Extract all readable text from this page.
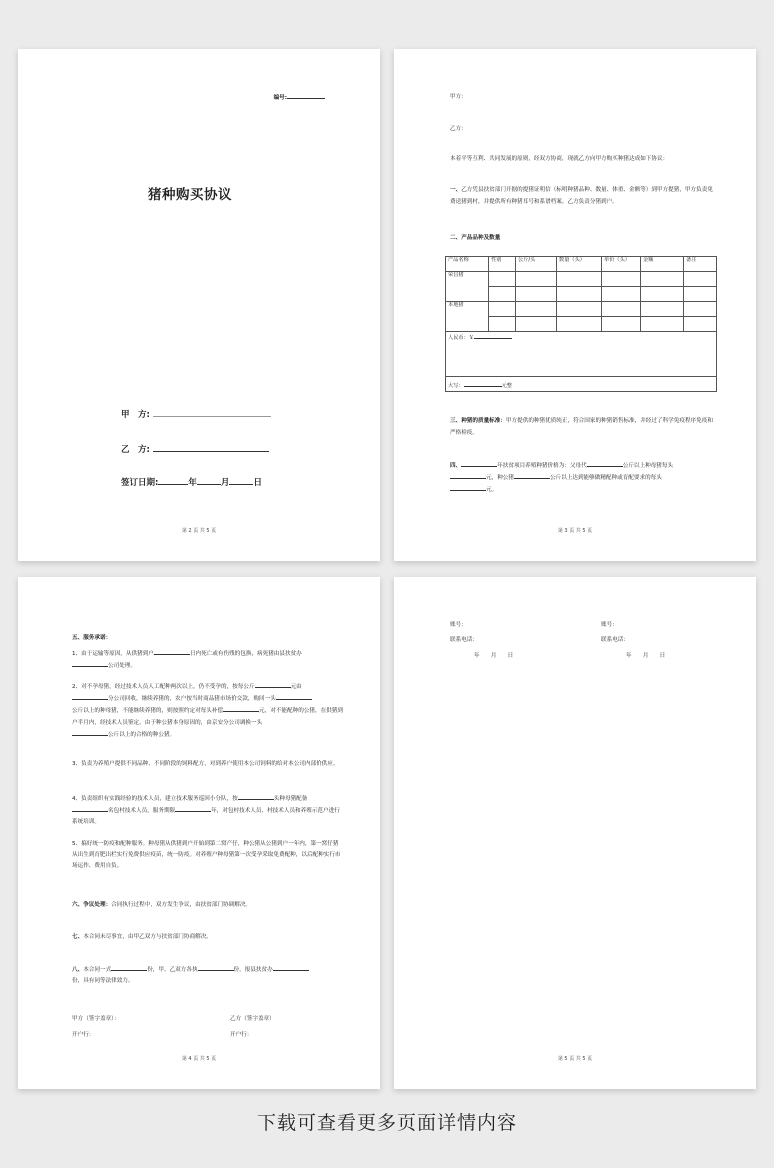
编号:
猪种购买协议
甲　方:
乙　方:
签订日期:	年	月	日
第 2 页 共 5 页
甲方:
乙方:
本着平等互利、共同发展的原则，经双方协商，现就乙方向甲方购买种猪达成如下协议：
一、乙方凭县扶贫部门开据的提猪证明信（标明种猪品种、数量、体重、金额等）到甲方提猪，甲方负责免费送猪到村，并提供所有种猪耳号和系谱档案。乙方负责分猪到户。
二、产品品种及数量
产品名称	性别	公斤/头	数量（头）	单价（头）	金额	备注
荣昌猪						

本地猪						

人民币：￥						
大写： 元整						
三、种猪的质量标准：甲方提供的种猪优质纯正，符合国家的种猪销售标准，并经过了科学免疫程序免疫和严格检疫。
四、	年扶贫项目养殖种猪价格为：父母代	公斤以上种母猪每头
元，种公猪	公斤以上达到能够做精配种或育配要求的每头
元。
第 3 页 共 5 页
五、服务承诺：
1、由于运输等原因，从供猪到户	日内死亡或有伤残的包换，病死猪由县扶贫办
公司处理。
2、对不孕母猪，经过技术人员人工配种两次以上，仍不受孕的，按每公斤	元由
分公司回收，继续养猪的，农户按当时商品猪市场价交款，购回一头
公斤以上的种母猪，不能继续养猪的，则按照约定对每头补偿	元，对不能配种的公猪，在供猪到户半月内，经技术人员鉴定，由于种公猪本身原因的，由京安分公司调换一头
公斤以上的合格的种公猪。
3、负责为养殖户提供不同品种、不同阶段的饲料配方，对到养户使用本公司饲料的给对本公司内部价供应。
4、负责组织有实践经验的技术人员，建立技术服务巡回小分队，按	头种母猪配备
名包村技术人员，服务期限	年，对包村技术人员、村技术人员和养殖示范户进行系统培训。
5、搞好统一防疫和配种服务。种母猪从供猪到户开始到第二窝产仔，种公猪从公猪到户一年内，第一窝仔猪从出生到育肥出栏实行免费供应疫苗，统一防疫。对养殖户种母猪第一次受孕采取免费配种，以后配种实行市场运作、费用自负。
六、争议处理：合同执行过程中，双方发生争议，由扶贫部门协调解决。
七、本合同未尽事宜，由甲乙双方与扶贫部门协商解决。
八、本合同一式	份，甲、乙双方各执	份，报县扶贫办
份，具有同等法律效力。
甲方（签字盖章）：	乙方（签字盖章）
开户行：	开户行：
第 4 页 共 5 页
账号：	账号：
联系电话：	联系电话：
年　　 月　　 日	年　　 月　　 日
第 5 页 共 5 页
下载可查看更多页面详情内容
